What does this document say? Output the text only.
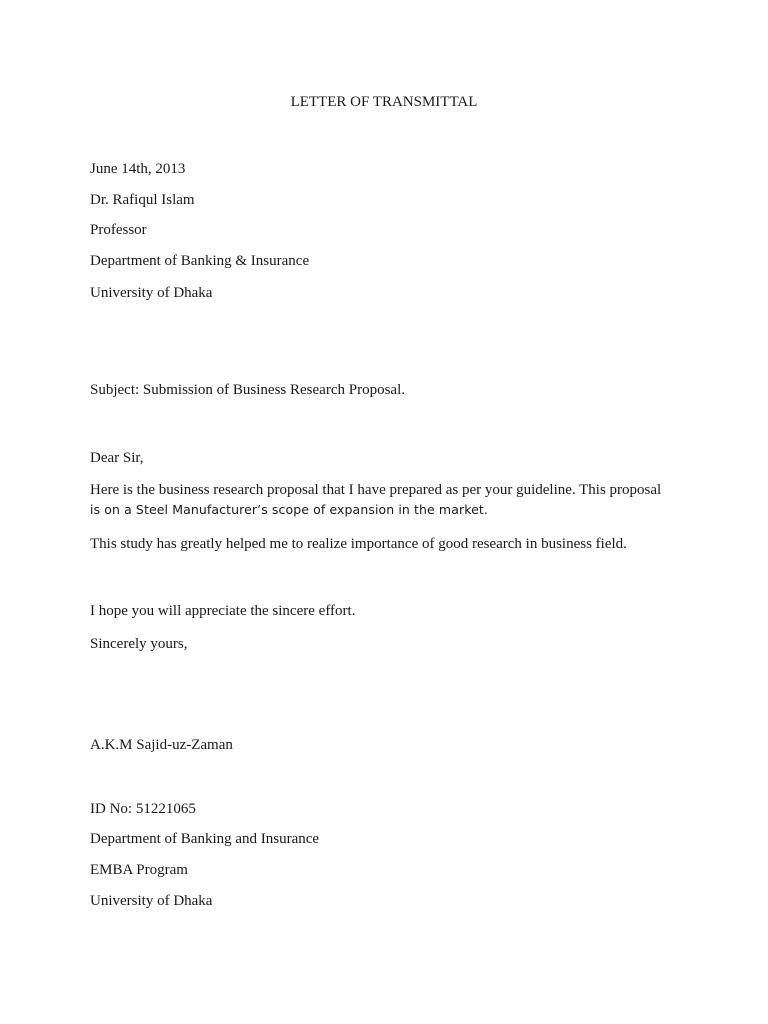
LETTER OF TRANSMITTAL
June 14th, 2013
Dr. Rafiqul Islam
Professor
Department of Banking & Insurance
University of Dhaka
Subject: Submission of Business Research Proposal.
Dear Sir,
Here is the business research proposal that I have prepared as per your guideline. This proposal
is on a Steel Manufacturer’s scope of expansion in the market.
This study has greatly helped me to realize importance of good research in business field.
I hope you will appreciate the sincere effort.
Sincerely yours,
A.K.M Sajid-uz-Zaman
ID No: 51221065
Department of Banking and Insurance
EMBA Program
University of Dhaka
